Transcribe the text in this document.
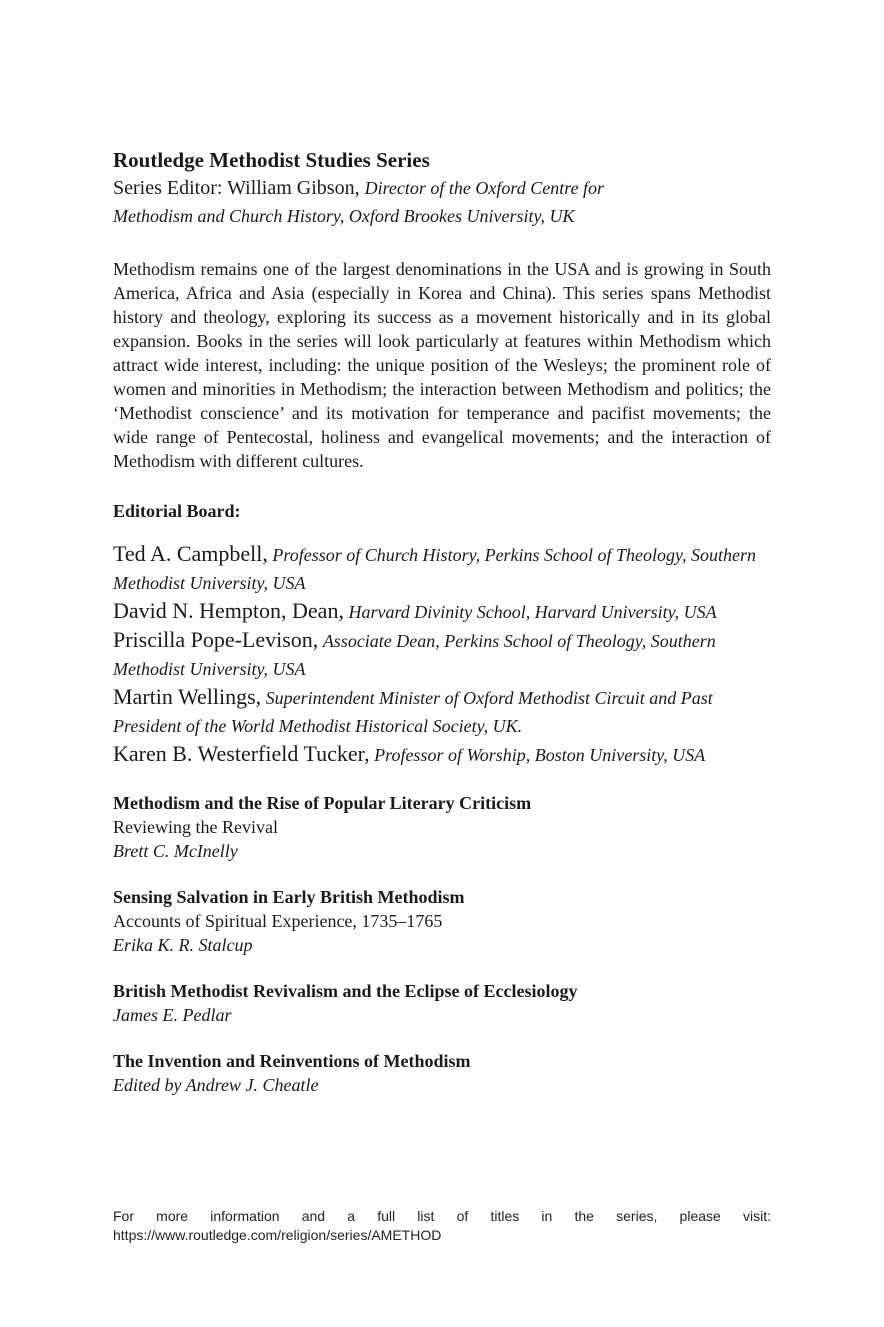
Routledge Methodist Studies Series

Series Editor: William Gibson, Director of the Oxford Centre for
Methodism and Church History, Oxford Brookes University, UK

Methodism remains one of the largest denominations in the USA and is growing in South America, Africa and Asia (especially in Korea and China). This series spans Methodist history and theology, exploring its success as a movement historically and in its global expansion. Books in the series will look particularly at features within Methodism which attract wide interest, including: the unique position of the Wesleys; the prominent role of women and minorities in Methodism; the interaction between Methodism and politics; the ‘Methodist conscience’ and its motivation for temperance and pacifist movements; the wide range of Pentecostal, holiness and evangelical movements; and the interaction of Methodism with different cultures.

Editorial Board:

Ted A. Campbell, Professor of Church History, Perkins School of Theology, Southern Methodist University, USA
David N. Hempton, Dean, Harvard Divinity School, Harvard University, USA
Priscilla Pope-Levison, Associate Dean, Perkins School of Theology, Southern Methodist University, USA
Martin Wellings, Superintendent Minister of Oxford Methodist Circuit and Past President of the World Methodist Historical Society, UK.
Karen B. Westerfield Tucker, Professor of Worship, Boston University, USA
Methodism and the Rise of Popular Literary Criticism
Reviewing the Revival
Brett C. McInelly
Sensing Salvation in Early British Methodism
Accounts of Spiritual Experience, 1735–1765
Erika K. R. Stalcup
British Methodist Revivalism and the Eclipse of Ecclesiology
James E. Pedlar
The Invention and Reinventions of Methodism
Edited by Andrew J. Cheatle

For more information and a full list of titles in the series, please visit: https://www.routledge.com/religion/series/AMETHOD
